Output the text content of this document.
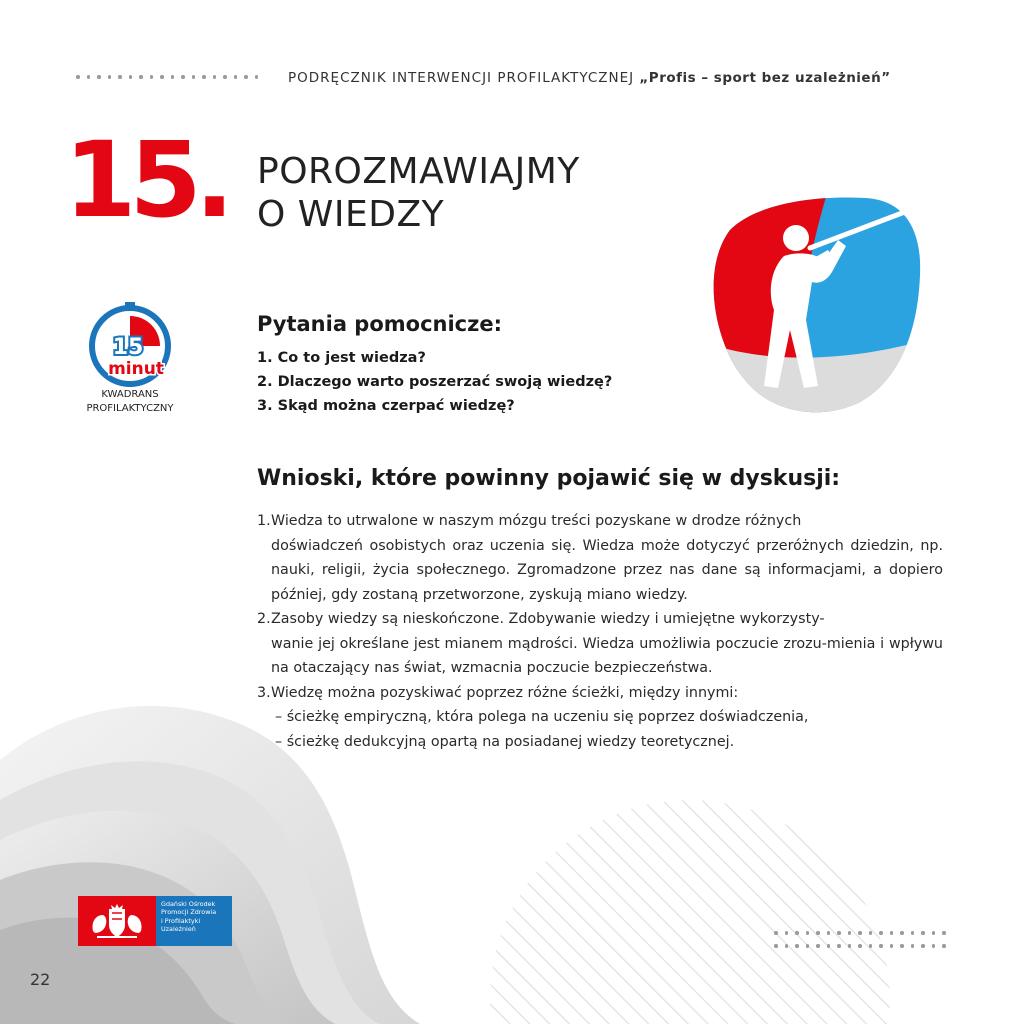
PODRĘCZNIK INTERWENCJI PROFILAKTYCZNEJ „Profis – sport bez uzależnień”
15. POROZMAWIAJMY
O WIEDZY
15
minut
KWADRANS
PROFILAKTYCZNY
Pytania pomocnicze:
1. Co to jest wiedza?
2. Dlaczego warto poszerzać swoją wiedzę?
3. Skąd można czerpać wiedzę?
Wnioski, które powinny pojawić się w dyskusji:
1.Wiedza to utrwalone w naszym mózgu treści pozyskane w drodze różnych
doświadczeń osobistych oraz uczenia się. Wiedza może dotyczyć przeróżnych dziedzin, np. nauki, religii, życia społecznego. Zgromadzone przez nas dane są informacjami, a dopiero później, gdy zostaną przetworzone, zyskują miano wiedzy.
2.Zasoby wiedzy są nieskończone. Zdobywanie wiedzy i umiejętne wykorzysty-
wanie jej określane jest mianem mądrości. Wiedza umożliwia poczucie zrozu-mienia i wpływu na otaczający nas świat, wzmacnia poczucie bezpieczeństwa.
3.Wiedzę można pozyskiwać poprzez różne ścieżki, między innymi:
– ścieżkę empiryczną, która polega na uczeniu się poprzez doświadczenia,
– ścieżkę dedukcyjną opartą na posiadanej wiedzy teoretycznej.
Gdański Ośrodek
Promocji Zdrowia
i Profilaktyki
Uzależnień
22
